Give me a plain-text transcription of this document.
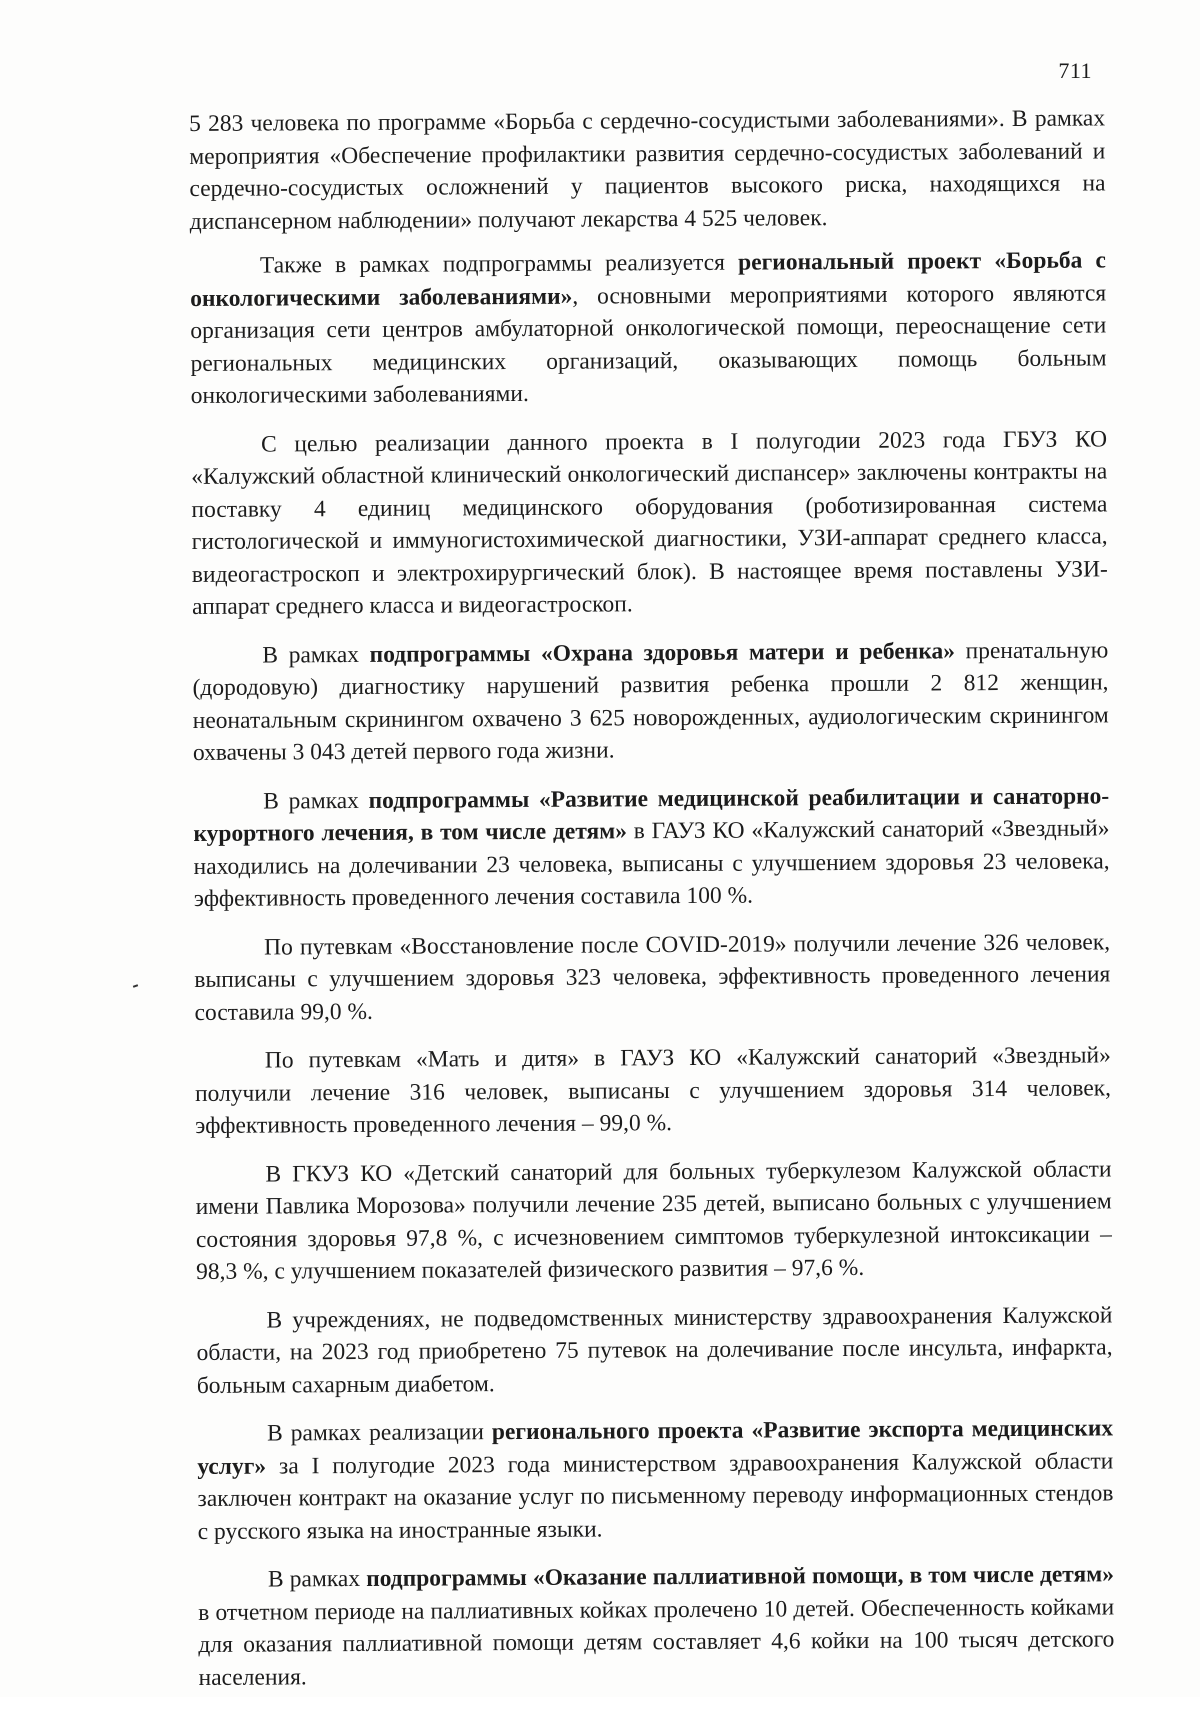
711

5 283 человека по программе «Борьба с сердечно-сосудистыми заболеваниями». В рамках мероприятия «Обеспечение профилактики развития сердечно-сосудистых заболеваний и сердечно-сосудистых осложнений у пациентов высокого риска, находящихся на диспансерном наблюдении» получают лекарства 4 525 человек.

Также в рамках подпрограммы реализуется региональный проект «Борьба с онкологическими заболеваниями», основными мероприятиями которого являются организация сети центров амбулаторной онкологической помощи, переоснащение сети региональных медицинских организаций, оказывающих помощь больным онкологическими заболеваниями.

С целью реализации данного проекта в I полугодии 2023 года ГБУЗ КО «Калужский областной клинический онкологический диспансер» заключены контракты на поставку 4 единиц медицинского оборудования (роботизированная система гистологической и иммуногистохимической диагностики, УЗИ-аппарат среднего класса, видеогастроскоп и электрохирургический блок). В настоящее время поставлены УЗИ-аппарат среднего класса и видеогастроскоп.

В рамках подпрограммы «Охрана здоровья матери и ребенка» пренатальную (дородовую) диагностику нарушений развития ребенка прошли 2 812 женщин, неонатальным скринингом охвачено 3 625 новорожденных, аудиологическим скринингом охвачены 3 043 детей первого года жизни.

В рамках подпрограммы «Развитие медицинской реабилитации и санаторно-курортного лечения, в том числе детям» в ГАУЗ КО «Калужский санаторий «Звездный» находились на долечивании 23 человека, выписаны с улучшением здоровья 23 человека, эффективность проведенного лечения составила 100 %.

По путевкам «Восстановление после COVID-2019» получили лечение 326 человек, выписаны с улучшением здоровья 323 человека, эффективность проведенного лечения составила 99,0 %.

По путевкам «Мать и дитя» в ГАУЗ КО «Калужский санаторий «Звездный» получили лечение 316 человек, выписаны с улучшением здоровья 314 человек, эффективность проведенного лечения – 99,0 %.

В ГКУЗ КО «Детский санаторий для больных туберкулезом Калужской области имени Павлика Морозова» получили лечение 235 детей, выписано больных с улучшением состояния здоровья 97,8 %, с исчезновением симптомов туберкулезной интоксикации – 98,3 %, с улучшением показателей физического развития – 97,6 %.

В учреждениях, не подведомственных министерству здравоохранения Калужской области, на 2023 год приобретено 75 путевок на долечивание после инсульта, инфаркта, больным сахарным диабетом.

В рамках реализации регионального проекта «Развитие экспорта медицинских услуг» за I полугодие 2023 года министерством здравоохранения Калужской области заключен контракт на оказание услуг по письменному переводу информационных стендов с русского языка на иностранные языки.

В рамках подпрограммы «Оказание паллиативной помощи, в том числе детям» в отчетном периоде на паллиативных койках пролечено 10 детей. Обеспеченность койками для оказания паллиативной помощи детям составляет 4,6 койки на 100 тысяч детского населения.
